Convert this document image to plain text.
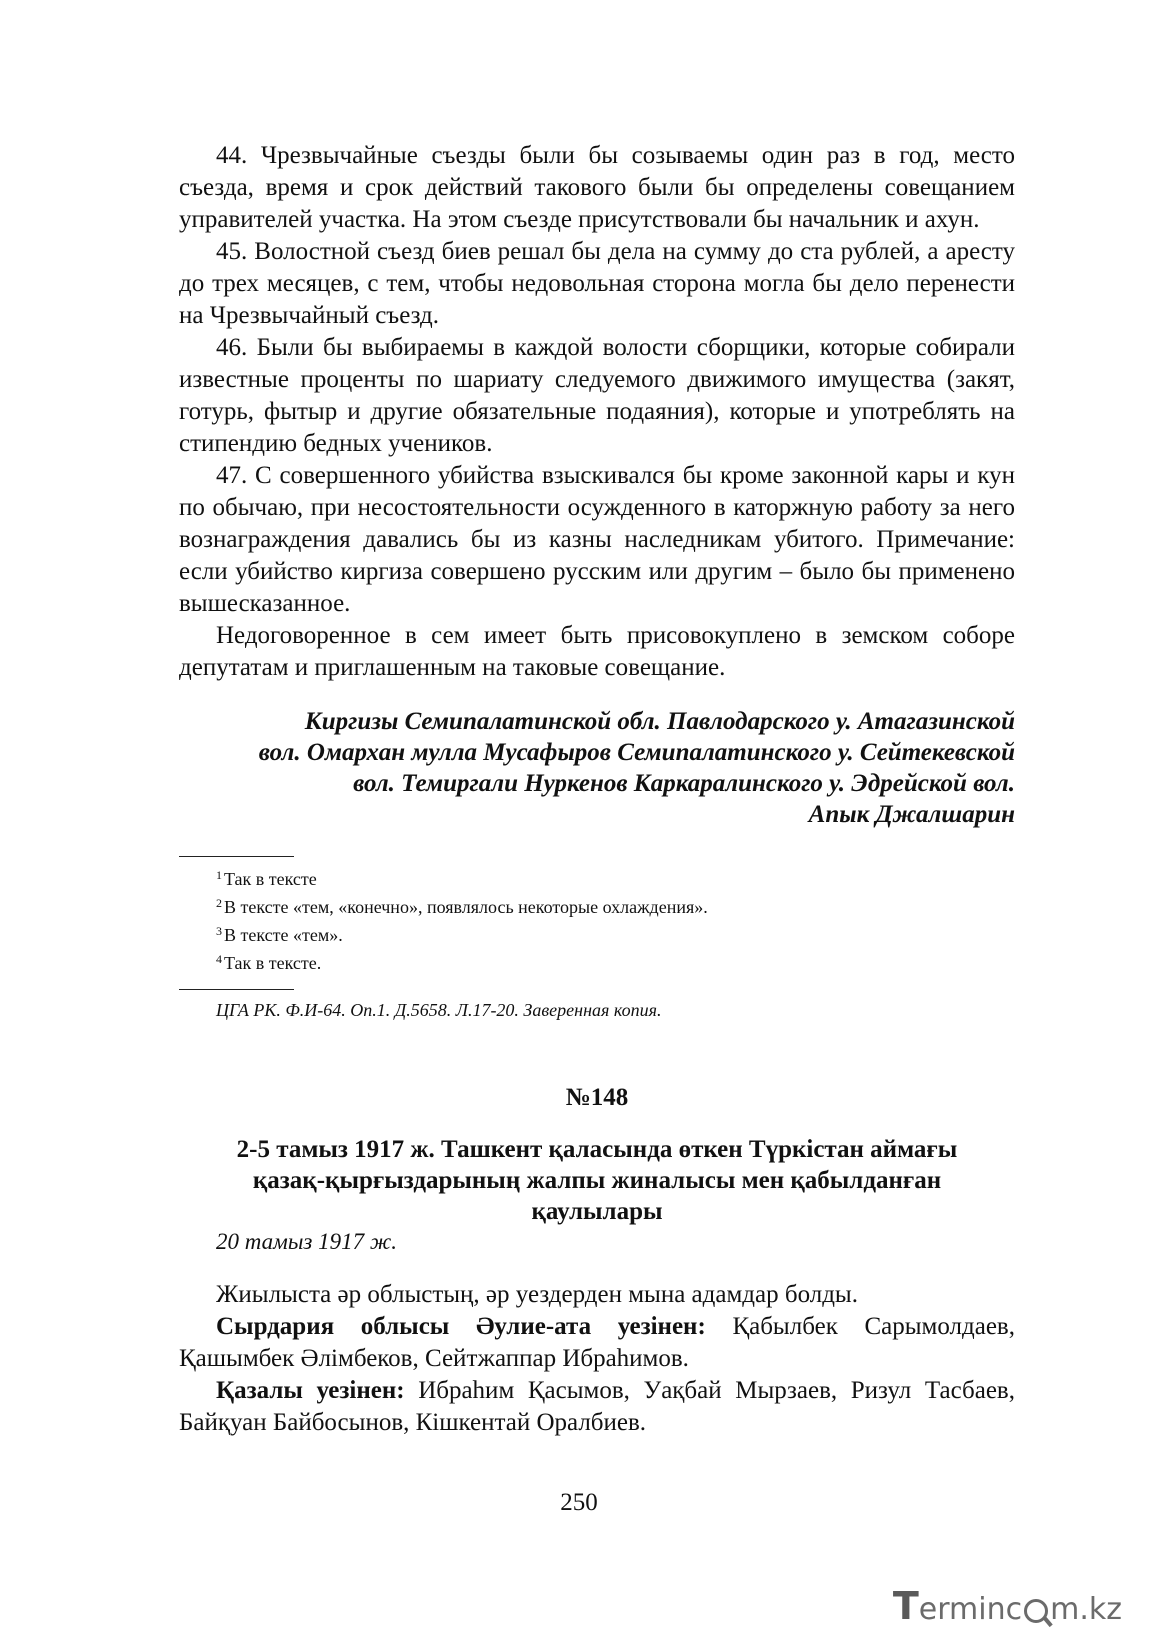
44. Чрезвычайные съезды были бы созываемы один раз в год, место съезда, время и срок действий такового были бы определены совещанием управителей участка. На этом съезде присутствовали бы начальник и ахун.

45. Волостной съезд биев решал бы дела на сумму до ста рублей, а аресту до трех месяцев, с тем, чтобы недовольная сторона могла бы дело перенести на Чрезвычайный съезд.

46. Были бы выбираемы в каждой волости сборщики, которые собирали известные проценты по шариату следуемого движимого имущества (закят, готурь, фытыр и другие обязательные подаяния), которые и употреблять на стипендию бедных учеников.

47. С совершенного убийства взыскивался бы кроме законной кары и кун по обычаю, при несостоятельности осужденного в каторжную работу за него вознаграждения давались бы из казны наследникам убитого. Примечание: если убийство киргиза совершено русским или другим – было бы применено вышесказанное.

Недоговоренное в сем имеет быть присовокуплено в земском соборе депутатам и приглашенным на таковые совещание.

Киргизы Семипалатинской обл. Павлодарского у. Атагазинской
вол. Омархан мулла Мусафыров Семипалатинского у. Сейтекевской
вол. Темиргали Нуркенов Каркаралинского у. Эдрейской вол.
Апык Джалшарин
$^1$ Так в тексте
$^2$ В тексте «тем, «конечно», появлялось некоторые охлаждения».
$^3$ В тексте «тем».
$^4$ Так в тексте.
ЦГА РК. Ф.И-64. Оп.1. Д.5658. Л.17-20. Заверенная копия.
№148
2-5 тамыз 1917 ж. Ташкент қаласында өткен Түркістан аймағы қазақ-қырғыздарының жалпы жиналысы мен қабылданған қаулылары
20 тамыз 1917 ж.

Жиылыста әр облыстың, әр уездерден мына адамдар болды.

Сырдария облысы Әулие-ата уезінен: Қабылбек Сарымолдаев, Қашымбек Әлімбеков, Сейтжаппар Ибраһимов.

Қазалы уезінен: Ибраһим Қасымов, Уақбай Мырзаев, Ризул Тасбаев, Байқуан Байбосынов, Кішкентай Оралбиев.

250
Terminc m.kz
